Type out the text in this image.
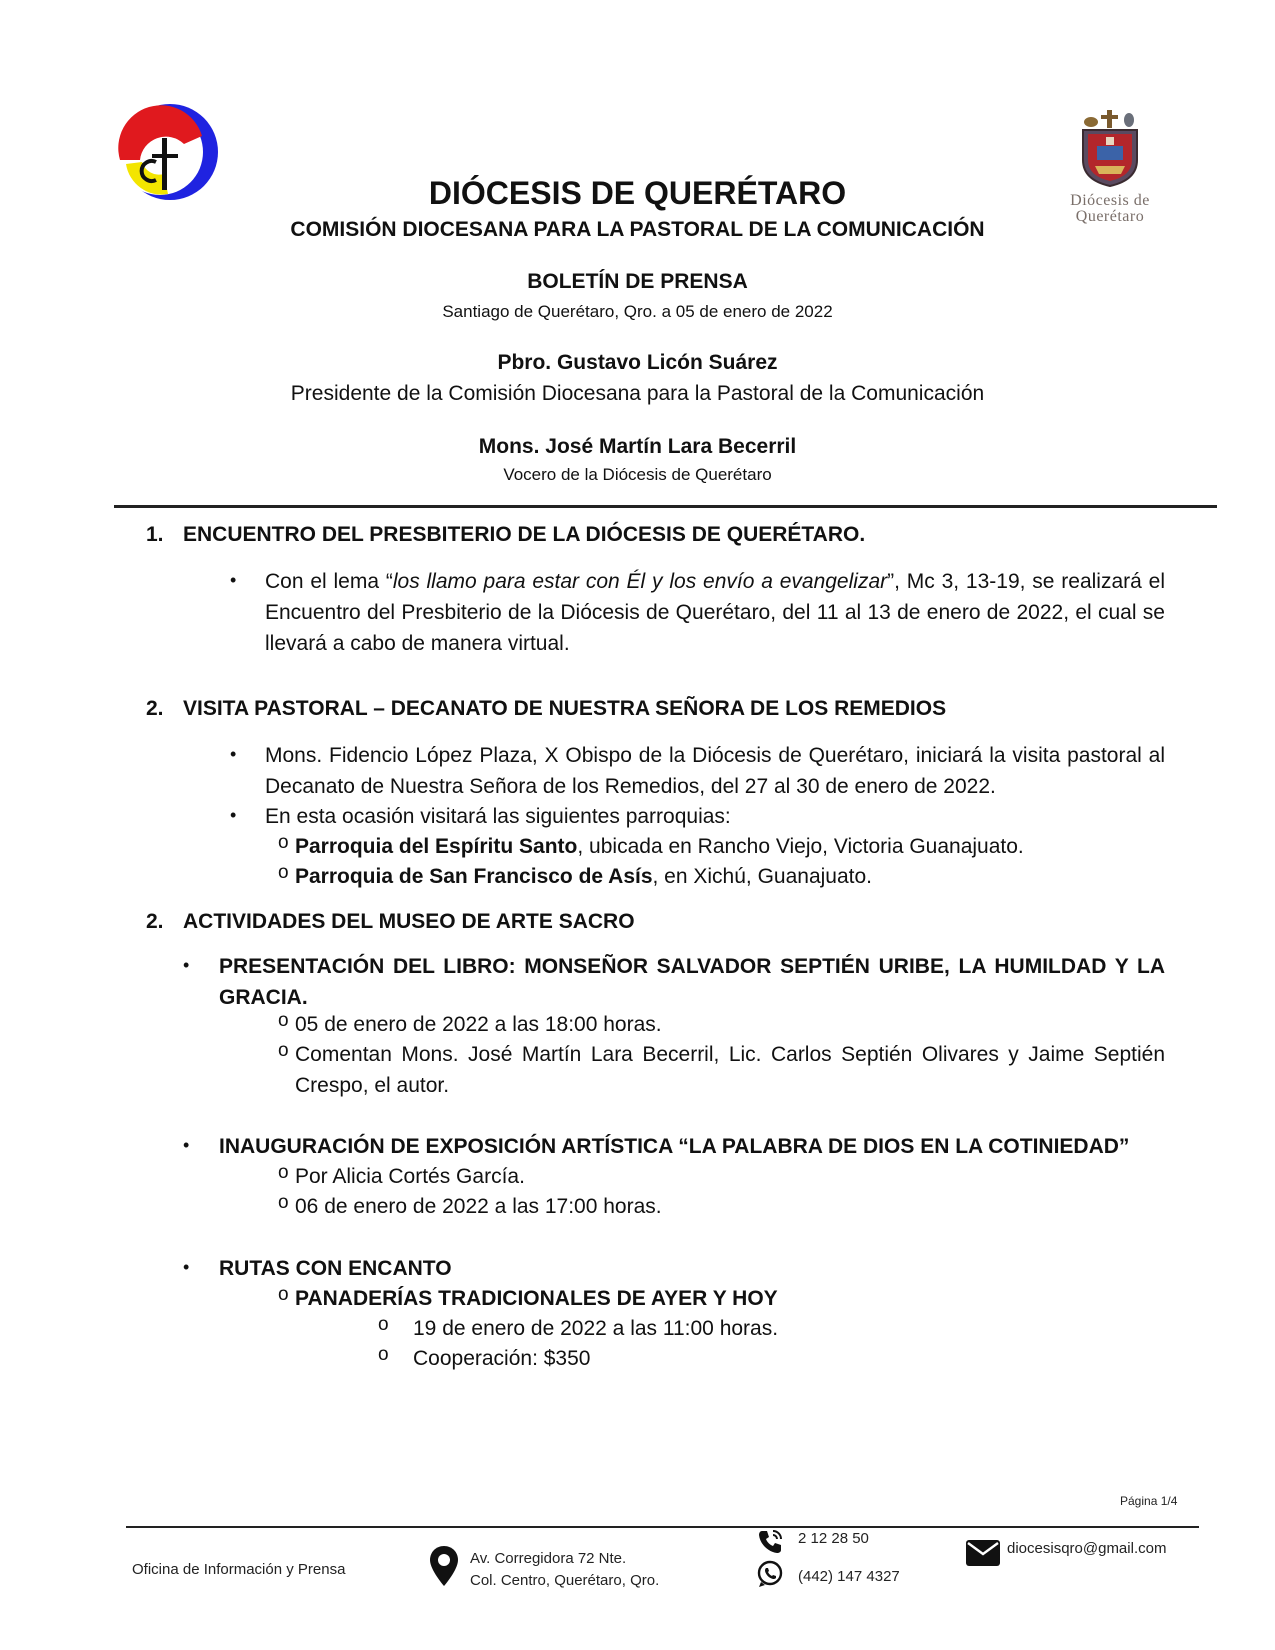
Diócesis de
Querétaro
DIÓCESIS DE QUERÉTARO
COMISIÓN DIOCESANA PARA LA PASTORAL DE LA COMUNICACIÓN
BOLETÍN DE PRENSA
Santiago de Querétaro, Qro. a 05 de enero de 2022
Pbro. Gustavo Licón Suárez
Presidente de la Comisión Diocesana para la Pastoral de la Comunicación
Mons. José Martín Lara Becerril
Vocero de la Diócesis de Querétaro
1. ENCUENTRO DEL PRESBITERIO DE LA DIÓCESIS DE QUERÉTARO.
• Con el lema “los llamo para estar con Él y los envío a evangelizar”, Mc 3, 13-19, se realizará el Encuentro del Presbiterio de la Diócesis de Querétaro, del 11 al 13 de enero de 2022, el cual se llevará a cabo de manera virtual.
2. VISITA PASTORAL – DECANATO DE NUESTRA SEÑORA DE LOS REMEDIOS
• Mons. Fidencio López Plaza, X Obispo de la Diócesis de Querétaro, iniciará la visita pastoral al Decanato de Nuestra Señora de los Remedios, del 27 al 30 de enero de 2022.
• En esta ocasión visitará las siguientes parroquias:
o Parroquia del Espíritu Santo, ubicada en Rancho Viejo, Victoria Guanajuato.
o Parroquia de San Francisco de Asís, en Xichú, Guanajuato.
2. ACTIVIDADES DEL MUSEO DE ARTE SACRO
• PRESENTACIÓN DEL LIBRO: MONSEÑOR SALVADOR SEPTIÉN URIBE, LA HUMILDAD Y LA GRACIA.
o 05 de enero de 2022 a las 18:00 horas.
o Comentan Mons. José Martín Lara Becerril, Lic. Carlos Septién Olivares y Jaime Septién Crespo, el autor.
• INAUGURACIÓN DE EXPOSICIÓN ARTÍSTICA “LA PALABRA DE DIOS EN LA COTINIEDAD”
o Por Alicia Cortés García.
o 06 de enero de 2022 a las 17:00 horas.
• RUTAS CON ENCANTO
o PANADERÍAS TRADICIONALES DE AYER Y HOY
o 19 de enero de 2022 a las 11:00 horas.
o Cooperación: $350
Página 1/4
Oficina de Información y Prensa
Av. Corregidora 72 Nte.
Col. Centro, Querétaro, Qro.
2 12 28 50
(442) 147 4327
diocesisqro@gmail.com
